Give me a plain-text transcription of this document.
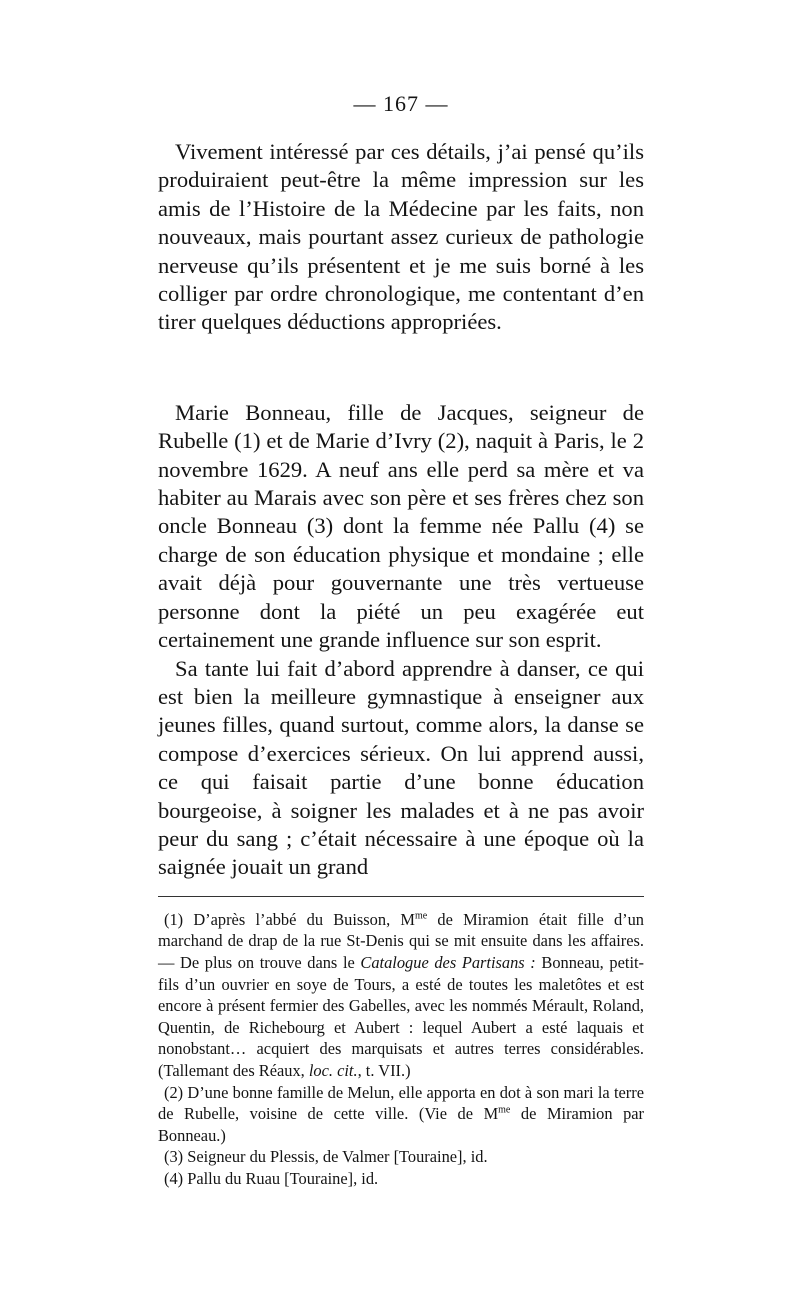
— 167 —

Vivement intéressé par ces détails, j’ai pensé qu’ils produiraient peut-être la même impression sur les amis de l’Histoire de la Médecine par les faits, non nouveaux, mais pourtant assez curieux de pathologie nerveuse qu’ils présentent et je me suis borné à les colliger par ordre chronologique, me contentant d’en tirer quelques déductions appropriées.

Marie Bonneau, fille de Jacques, seigneur de Rubelle (1) et de Marie d’Ivry (2), naquit à Paris, le 2 novembre 1629. A neuf ans elle perd sa mère et va habiter au Marais avec son père et ses frères chez son oncle Bonneau (3) dont la femme née Pallu (4) se charge de son éducation physique et mondaine ; elle avait déjà pour gouvernante une très vertueuse personne dont la piété un peu exagérée eut certainement une grande influence sur son esprit.

Sa tante lui fait d’abord apprendre à danser, ce qui est bien la meilleure gymnastique à enseigner aux jeunes filles, quand surtout, comme alors, la danse se compose d’exercices sérieux. On lui apprend aussi, ce qui faisait partie d’une bonne éducation bourgeoise, à soigner les malades et à ne pas avoir peur du sang ; c’était nécessaire à une époque où la saignée jouait un grand

(1) D’après l’abbé du Buisson, $M^{me}$ de Miramion était fille d’un marchand de drap de la rue St-Denis qui se mit ensuite dans les affaires. — De plus on trouve dans le Catalogue des Partisans : Bonneau, petit-fils d’un ouvrier en soye de Tours, a esté de toutes les maletôtes et est encore à présent fermier des Gabelles, avec les nommés Mérault, Roland, Quentin, de Richebourg et Aubert : lequel Aubert a esté laquais et nonobstant… acquiert des marquisats et autres terres considérables. (Tallemant des Réaux, loc. cit., t. VII.)

(2) D’une bonne famille de Melun, elle apporta en dot à son mari la terre de Rubelle, voisine de cette ville. (Vie de $M^{me}$ de Miramion par Bonneau.)

(3) Seigneur du Plessis, de Valmer [Touraine], id.

(4) Pallu du Ruau [Touraine], id.
